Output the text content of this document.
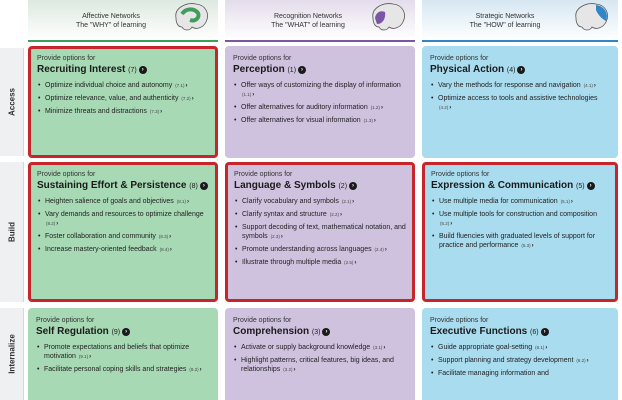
Affective Networks
The "WHY" of learning
Recognition Networks
The "WHAT" of learning
Strategic Networks
The "HOW" of learning
Access
Build
Internalize
Provide options for
Recruiting Interest (7) ›
• Optimize individual choice and autonomy (7.1)›
• Optimize relevance, value, and authenticity (7.2)›
• Minimize threats and distractions (7.3)›
Provide options for
Perception (1) ›
• Offer ways of customizing the display of information (1.1)›
• Offer alternatives for auditory information (1.2)›
• Offer alternatives for visual information (1.3)›
Provide options for
Physical Action (4) ›
• Vary the methods for response and navigation (4.1)›
• Optimize access to tools and assistive technologies (4.2)›
Provide options for
Sustaining Effort & Persistence (8) ›
• Heighten salience of goals and objectives (8.1)›
• Vary demands and resources to optimize challenge (8.2)›
• Foster collaboration and community (8.3)›
• Increase mastery-oriented feedback (8.4)›
Provide options for
Language & Symbols (2) ›
• Clarify vocabulary and symbols (2.1)›
• Clarify syntax and structure (2.2)›
• Support decoding of text, mathematical notation, and symbols (2.3)›
• Promote understanding across languages (2.4)›
• Illustrate through multiple media (2.5)›
Provide options for
Expression & Communication (5) ›
• Use multiple media for communication (5.1)›
• Use multiple tools for construction and composition (5.2)›
• Build fluencies with graduated levels of support for practice and performance (5.3)›
Provide options for
Self Regulation (9) ›
• Promote expectations and beliefs that optimize motivation (9.1)›
• Facilitate personal coping skills and strategies (9.2)›
Provide options for
Comprehension (3) ›
• Activate or supply background knowledge (3.1)›
• Highlight patterns, critical features, big ideas, and relationships (3.2)›
Provide options for
Executive Functions (6) ›
• Guide appropriate goal-setting (6.1)›
• Support planning and strategy development (6.2)›
• Facilitate managing information and
